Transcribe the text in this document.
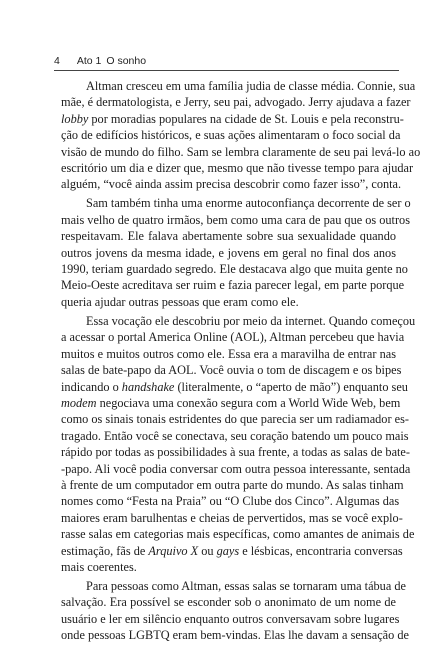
4 Ato 1 O sonho

Altman cresceu em uma família judia de classe média. Connie, sua
mãe, é dermatologista, e Jerry, seu pai, advogado. Jerry ajudava a fazer
lobby por moradias populares na cidade de St. Louis e pela reconstru-
ção de edifícios históricos, e suas ações alimentaram o foco social da
visão de mundo do filho. Sam se lembra claramente de seu pai levá-lo ao
escritório um dia e dizer que, mesmo que não tivesse tempo para ajudar
alguém, “você ainda assim precisa descobrir como fazer isso”, conta.

Sam também tinha uma enorme autoconfiança decorrente de ser o
mais velho de quatro irmãos, bem como uma cara de pau que os outros
respeitavam. Ele falava abertamente sobre sua sexualidade quando
outros jovens da mesma idade, e jovens em geral no final dos anos
1990, teriam guardado segredo. Ele destacava algo que muita gente no
Meio-Oeste acreditava ser ruim e fazia parecer legal, em parte porque
queria ajudar outras pessoas que eram como ele.

Essa vocação ele descobriu por meio da internet. Quando começou
a acessar o portal America Online (AOL), Altman percebeu que havia
muitos e muitos outros como ele. Essa era a maravilha de entrar nas
salas de bate-papo da AOL. Você ouvia o tom de discagem e os bipes
indicando o handshake (literalmente, o “aperto de mão”) enquanto seu
modem negociava uma conexão segura com a World Wide Web, bem
como os sinais tonais estridentes do que parecia ser um radiamador es-
tragado. Então você se conectava, seu coração batendo um pouco mais
rápido por todas as possibilidades à sua frente, a todas as salas de bate-
-papo. Ali você podia conversar com outra pessoa interessante, sentada
à frente de um computador em outra parte do mundo. As salas tinham
nomes como “Festa na Praia” ou “O Clube dos Cinco”. Algumas das
maiores eram barulhentas e cheias de pervertidos, mas se você explo-
rasse salas em categorias mais específicas, como amantes de animais de
estimação, fãs de Arquivo X ou gays e lésbicas, encontraria conversas
mais coerentes.

Para pessoas como Altman, essas salas se tornaram uma tábua de
salvação. Era possível se esconder sob o anonimato de um nome de
usuário e ler em silêncio enquanto outros conversavam sobre lugares
onde pessoas LGBTQ eram bem-vindas. Elas lhe davam a sensação de
